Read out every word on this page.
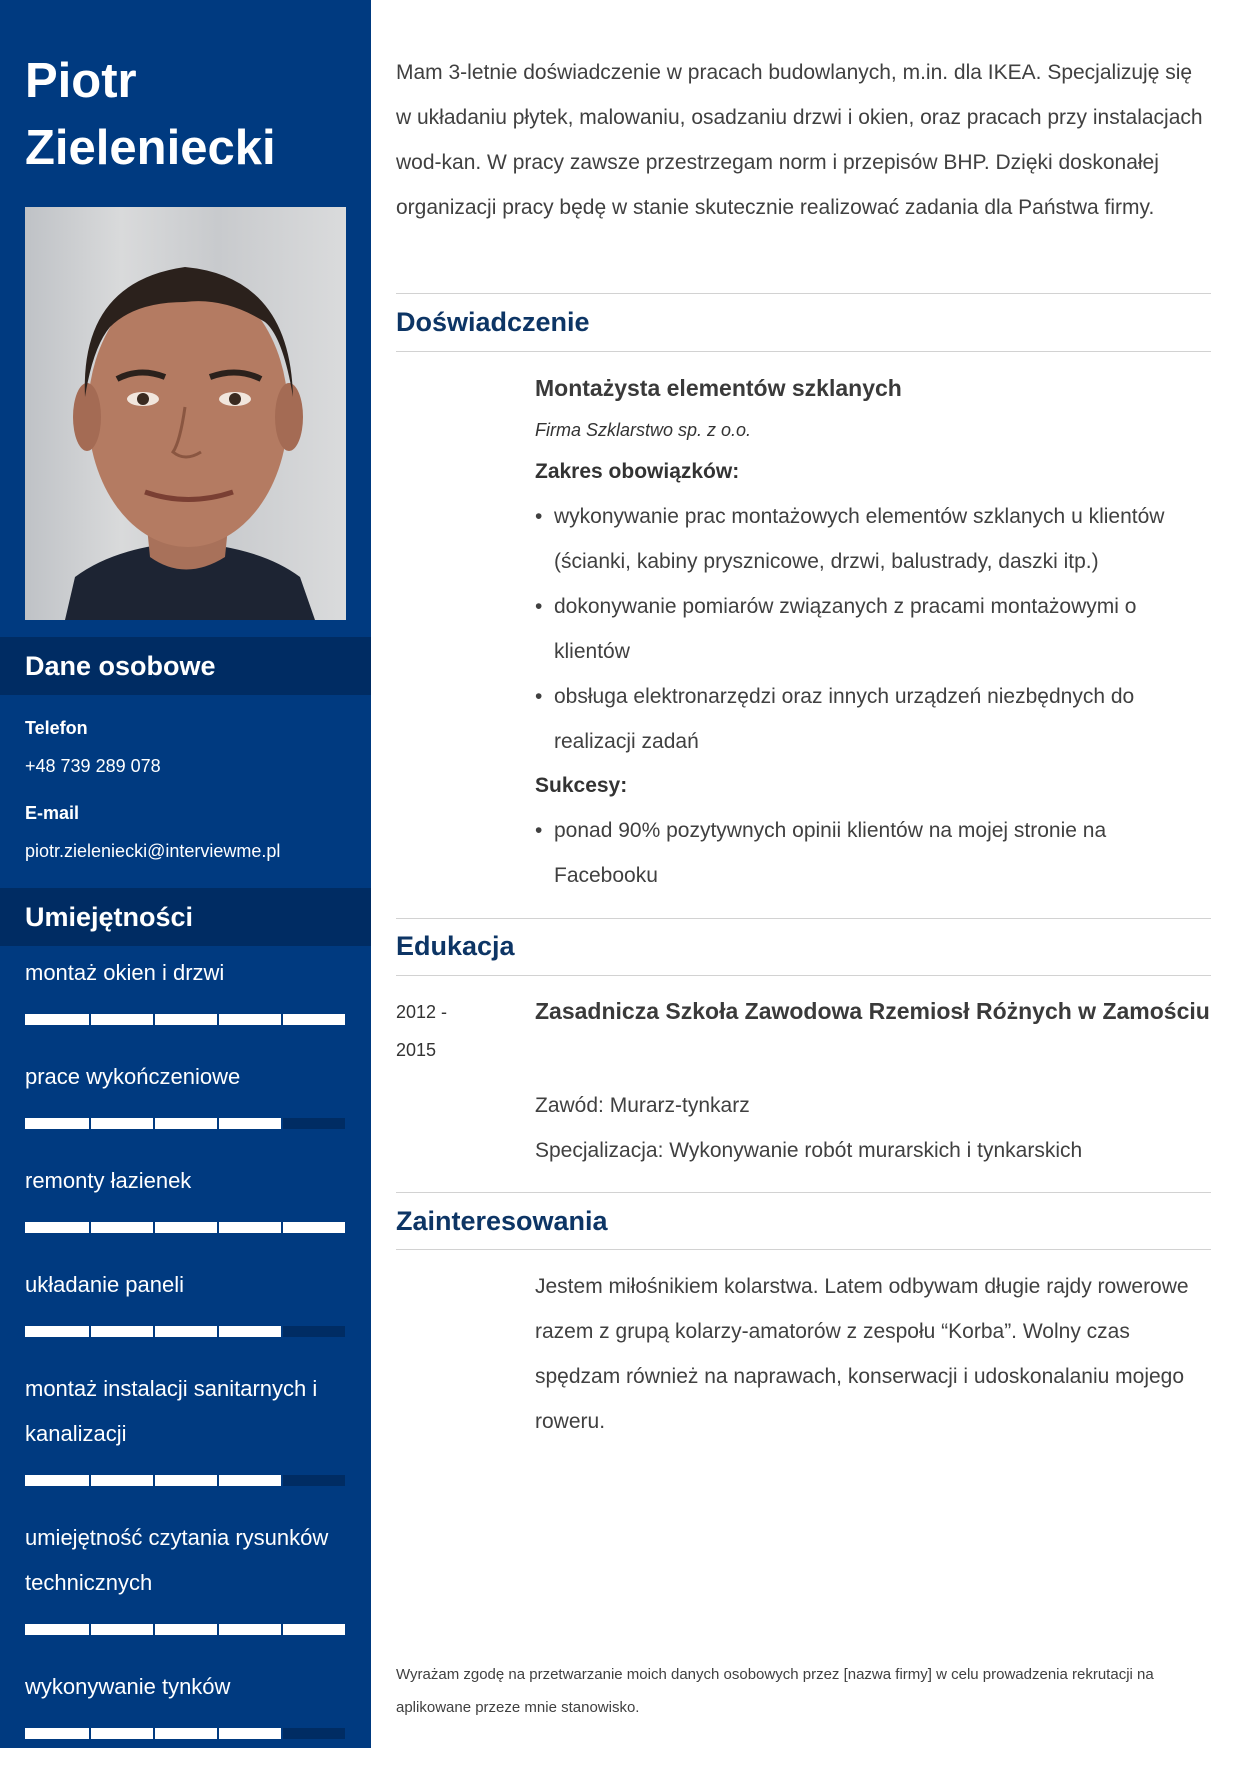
Piotr
Zieleniecki
Dane osobowe
Telefon
+48 739 289 078
E-mail
piotr.zieleniecki@interviewme.pl
Umiejętności
montaż okien i drzwi
prace wykończeniowe
remonty łazienek
układanie paneli
montaż instalacji sanitarnych i kanalizacji
umiejętność czytania rysunków technicznych
wykonywanie tynków

Mam 3-letnie doświadczenie w pracach budowlanych, m.in. dla IKEA. Specjalizuję się w układaniu płytek, malowaniu, osadzaniu drzwi i okien, oraz pracach przy instalacjach wod-kan. W pracy zawsze przestrzegam norm i przepisów BHP. Dzięki doskonałej organizacji pracy będę w stanie skutecznie realizować zadania dla Państwa firmy.

Doświadczenie
Montażysta elementów szklanych
Firma Szklarstwo sp. z o.o.
Zakres obowiązków:
• wykonywanie prac montażowych elementów szklanych u klientów (ścianki, kabiny prysznicowe, drzwi, balustrady, daszki itp.)
• dokonywanie pomiarów związanych z pracami montażowymi o klientów
• obsługa elektronarzędzi oraz innych urządzeń niezbędnych do realizacji zadań
Sukcesy:
• ponad 90% pozytywnych opinii klientów na mojej stronie na Facebooku
Edukacja
2012 -
2015
Zasadnicza Szkoła Zawodowa Rzemiosł Różnych w Zamościu
Zawód: Murarz-tynkarz
Specjalizacja: Wykonywanie robót murarskich i tynkarskich
Zainteresowania

Jestem miłośnikiem kolarstwa. Latem odbywam długie rajdy rowerowe razem z grupą kolarzy-amatorów z zespołu “Korba”. Wolny czas spędzam również na naprawach, konserwacji i udoskonalaniu mojego roweru.

Wyrażam zgodę na przetwarzanie moich danych osobowych przez [nazwa firmy] w celu prowadzenia rekrutacji na aplikowane przeze mnie stanowisko.
